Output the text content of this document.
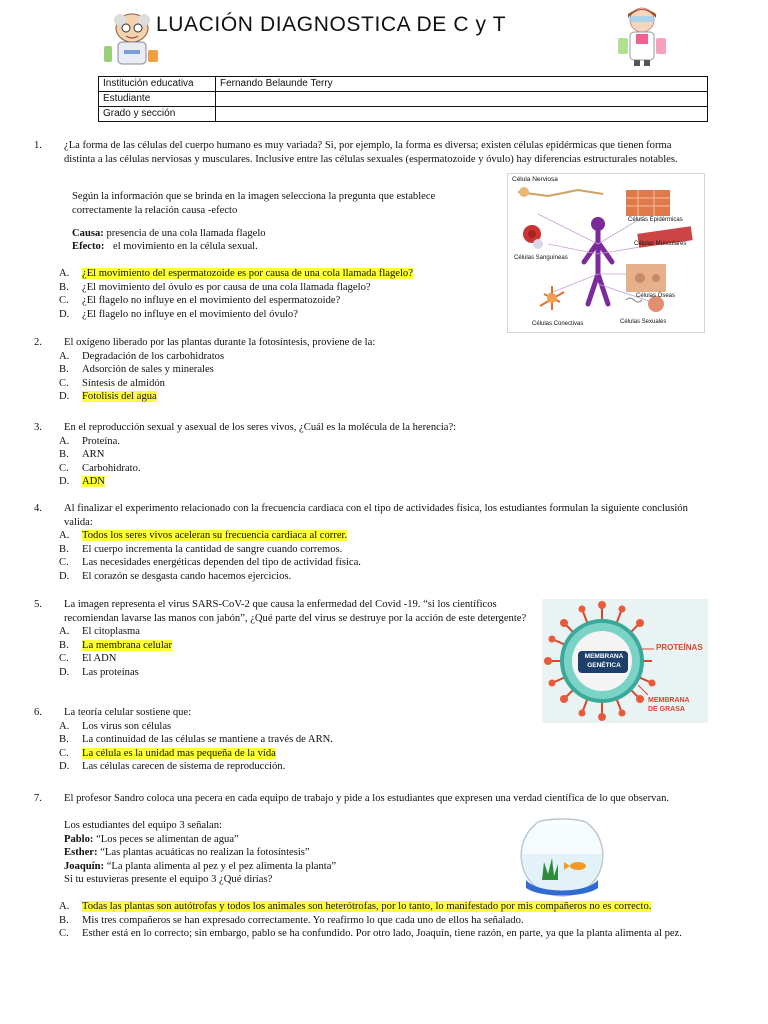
LUACIÓN DIAGNOSTICA DE C y T
Institución educativa	Fernando Belaunde Terry
Estudiante	
Grado y sección	
1. ¿La forma de las células del cuerpo humano es muy variada? Si, por ejemplo, la forma es diversa; existen células epidérmicas que tienen forma distinta a las células nerviosas y musculares. Inclusive entre las células sexuales (espermatozoide y óvulo) hay diferencias estructurales notables.
Según la información que se brinda en la imagen selecciona la pregunta que establece correctamente la relación causa -efecto
Causa: presencia de una cola llamada flagelo
Efecto: el movimiento en la célula sexual.
A. ¿El movimiento del espermatozoide es por causa de una cola llamada flagelo?
B. ¿El movimiento del óvulo es por causa de una cola llamada flagelo?
C. ¿El flagelo no influye en el movimiento del espermatozoide?
D. ¿El flagelo no influye en el movimiento del óvulo?
Célula Nerviosa
Células Epidérmicas
Células Sanguíneas
Células Musculares
Células Óseas
Células Conectivas	Células Sexuales
2. El oxígeno liberado por las plantas durante la fotosíntesis, proviene de la:
A. Degradación de los carbohidratos
B. Adsorción de sales y minerales
C. Síntesis de almidón
D. Fotolisis del agua
3. En el reproducción sexual y asexual de los seres vivos, ¿Cuál es la molécula de la herencia?:
A. Proteína.
B. ARN
C. Carbohidrato.
D. ADN
4. Al finalizar el experimento relacionado con la frecuencia cardiaca con el tipo de actividades física, los estudiantes formulan la siguiente conclusión valida:
A. Todos los seres vivos aceleran su frecuencia cardiaca al correr.
B. El cuerpo incrementa la cantidad de sangre cuando corremos.
C. Las necesidades energéticas dependen del tipo de actividad física.
D. El corazón se desgasta cando hacemos ejercicios.
5. La imagen representa el virus SARS-CoV-2 que causa la enfermedad del Covid -19. “si los científicos recomiendan lavarse las manos con jabón”, ¿Qué parte del virus se destruye por la acción de este detergente?
A. El citoplasma
B. La membrana celular
C. El ADN
D. Las proteínas
MEMBRANA
GENÉTICA
PROTEÍNAS
MEMBRANA
DE GRASA
6. La teoría celular sostiene que:
A. Los virus son células
B. La continuidad de las células se mantiene a través de ARN.
C. La célula es la unidad mas pequeña de la vida
D. Las células carecen de sistema de reproducción.
7. El profesor Sandro coloca una pecera en cada equipo de trabajo y pide a los estudiantes que expresen una verdad científica de lo que observan.
Los estudiantes del equipo 3 señalan:
Pablo: “Los peces se alimentan de agua”
Esther: “Las plantas acuáticas no realizan la fotosíntesis”
Joaquín: “La planta alimenta al pez y el pez alimenta la planta”
Si tu estuvieras presente el equipo 3 ¿Qué dirías?
A. Todas las plantas son autótrofas y todos los animales son heterótrofas, por lo tanto, lo manifestado por mis compañeros no es correcto.
B. Mis tres compañeros se han expresado correctamente. Yo reafirmo lo que cada uno de ellos ha señalado.
C. Esther está en lo correcto; sin embargo, pablo se ha confundido. Por otro lado, Joaquín, tiene razón, en parte, ya que la planta alimenta al pez.
